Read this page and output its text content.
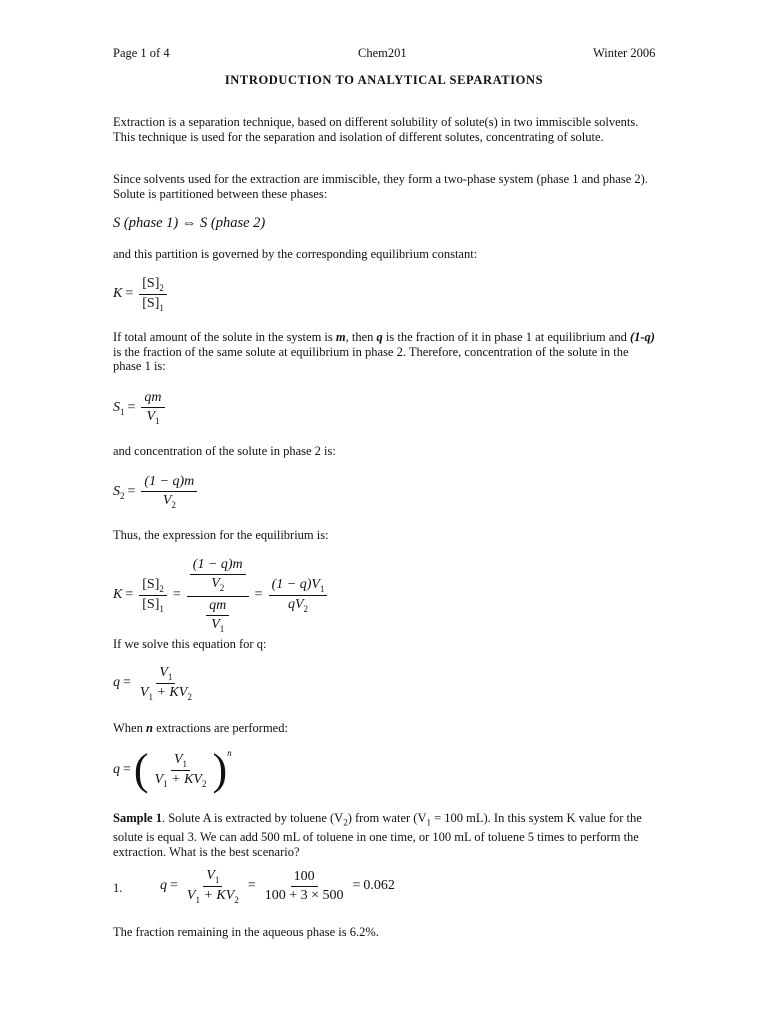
Page 1 of 4	Chem201	Winter 2006
INTRODUCTION TO ANALYTICAL SEPARATIONS
Extraction is a separation technique, based on different solubility of solute(s) in two immiscible solvents. This technique is used for the separation and isolation of different solutes, concentrating of solute.
Since solvents used for the extraction are immiscible, they form a two-phase system (phase 1 and phase 2). Solute is partitioned between these phases:
S (phase 1) ⇔ S (phase 2)
and this partition is governed by the corresponding equilibrium constant:
$K = \frac{[S]_2}{[S]_1}$
If total amount of the solute in the system is m, then q is the fraction of it in phase 1 at equilibrium and (1-q) is the fraction of the same solute at equilibrium in phase 2. Therefore, concentration of the solute in the phase 1 is:
$S_1 = \frac{qm}{V_1}$
and concentration of the solute in phase 2 is:
$S_2 = \frac{(1 - q)m}{V_2}$
Thus, the expression for the equilibrium is:
$K = \frac{[S]_2}{[S]_1} = \frac{\frac{(1 - q)m}{V_2}}{\frac{qm}{V_1}} = \frac{(1 - q)V_1}{qV_2}$
If we solve this equation for q:
$q = \frac{V_1}{V_1 + KV_2}$
When n extractions are performed:
q = ( $\frac{V_1}{V_1 + KV_2} )^n$
Sample 1. Solute A is extracted by toluene $(V_2)$ from water ($V_1 = 100$ mL). In this system K value for the solute is equal 3. We can add 500 mL of toluene in one time, or 100 mL of toluene 5 times to perform the extraction. What is the best scenario?
1.	$q = \frac{V_1}{V_1 + KV_2} = \frac{100}{100 + 3 \times 500} = 0.062$
The fraction remaining in the aqueous phase is 6.2%.
